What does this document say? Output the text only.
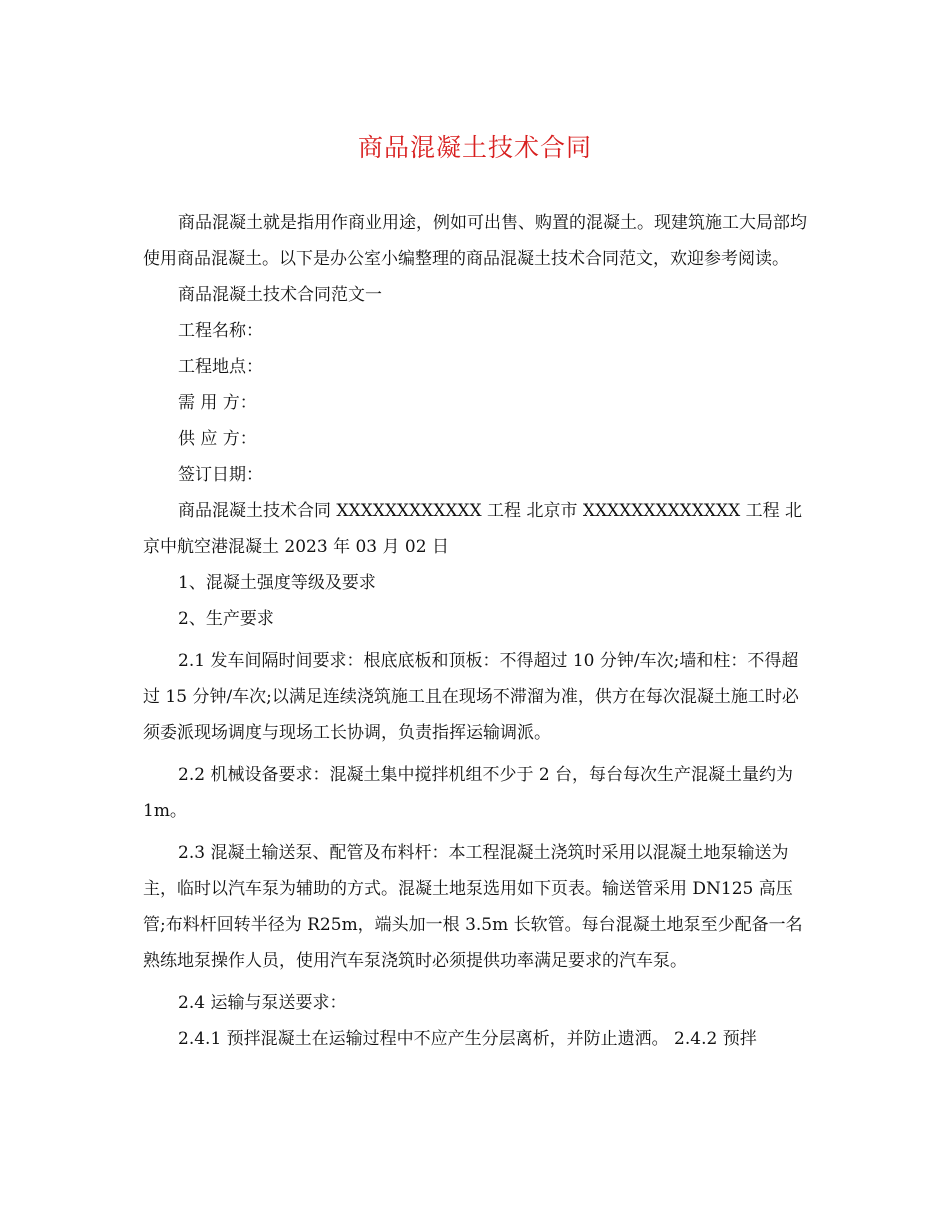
商品混凝土技术合同

商品混凝土就是指用作商业用途，例如可出售、购置的混凝土。现建筑施工大局部均使用商品混凝土。以下是办公室小编整理的商品混凝土技术合同范文，欢迎参考阅读。

商品混凝土技术合同范文一

工程名称：

工程地点：

需 用 方：

供 应 方：

签订日期：

商品混凝土技术合同 XXXXXXXXXXXX 工程 北京市 XXXXXXXXXXXXX 工程 北京中航空港混凝土 2023 年 03 月 02 日

1、混凝土强度等级及要求

2、生产要求

2.1 发车间隔时间要求：根底底板和顶板：不得超过 10 分钟/车次;墙和柱：不得超过 15 分钟/车次;以满足连续浇筑施工且在现场不滞溜为准，供方在每次混凝土施工时必须委派现场调度与现场工长协调，负责指挥运输调派。

2.2 机械设备要求：混凝土集中搅拌机组不少于 2 台，每台每次生产混凝土量约为 1m。

2.3 混凝土输送泵、配管及布料杆：本工程混凝土浇筑时采用以混凝土地泵输送为主，临时以汽车泵为辅助的方式。混凝土地泵选用如下页表。输送管采用 DN125 高压管;布料杆回转半径为 R25m，端头加一根 3.5m 长软管。每台混凝土地泵至少配备一名熟练地泵操作人员，使用汽车泵浇筑时必须提供功率满足要求的汽车泵。

2.4 运输与泵送要求：

2.4.1 预拌混凝土在运输过程中不应产生分层离析，并防止遗洒。 2.4.2 预拌
